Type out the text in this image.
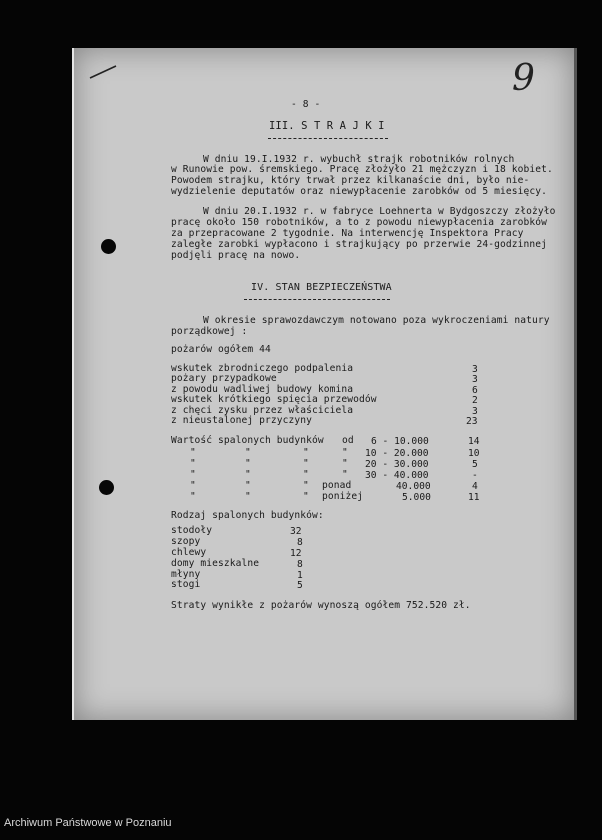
9
- 8 -
III. S T R A J K I
W dniu 19.I.1932 r. wybuchł strajk robotników rolnych
w Runowie pow. śremskiego. Pracę złożyło 21 mężczyzn i 18 kobiet.
Powodem strajku, który trwał przez kilkanaście dni, było nie-
wydzielenie deputatów oraz niewypłacenie zarobków od 5 miesięcy.
W dniu 20.I.1932 r. w fabryce Loehnerta w Bydgoszczy złożyło
pracę około 150 robotników, a to z powodu niewypłacenia zarobków
za przepracowane 2 tygodnie. Na interwencję Inspektora Pracy
zaległe zarobki wypłacono i strajkujący po przerwie 24-godzinnej
podjęli pracę na nowo.
IV. STAN BEZPIECZEŃSTWA
W okresie sprawozdawczym notowano poza wykroczeniami natury
porządkowej :
pożarów ogółem 44
wskutek zbrodniczego podpalenia	3
pożary przypadkowe	3
z powodu wadliwej budowy komina	6
wskutek krótkiego spięcia przewodów	2
z chęci zysku przez właściciela	3
z nieustalonej przyczyny	23
Wartość spalonych budynków od 6 - 10.000	14
"	"	"	" 10 - 20.000	10
"	"	"	" 20 - 30.000	5
"	"	"	" 30 - 40.000	-
"	"	" ponad	40.000	4
"	"	" poniżej	5.000	11
Rodzaj spalonych budynków:
stodoły	32
szopy	8
chlewy	12
domy mieszkalne	8
młyny	1
stogi	5
Straty wynikłe z pożarów wynoszą ogółem 752.520 zł.
Archiwum Państwowe w Poznaniu
